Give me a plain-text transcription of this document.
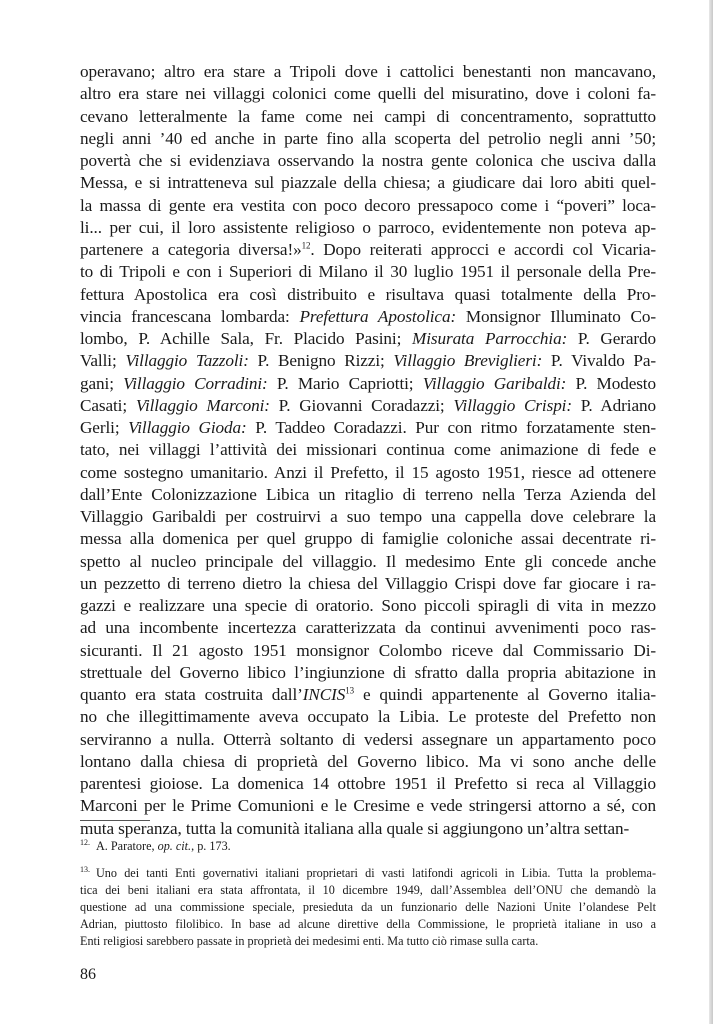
operavano; altro era stare a Tripoli dove i cattolici benestanti non mancavano,
altro era stare nei villaggi colonici come quelli del misuratino, dove i coloni fa-
cevano letteralmente la fame come nei campi di concentramento, soprattutto
negli anni ’40 ed anche in parte fino alla scoperta del petrolio negli anni ’50;
povertà che si evidenziava osservando la nostra gente colonica che usciva dalla
Messa, e si intratteneva sul piazzale della chiesa; a giudicare dai loro abiti quel-
la massa di gente era vestita con poco decoro pressapoco come i “poveri” loca-
li... per cui, il loro assistente religioso o parroco, evidentemente non poteva ap-
partenere a categoria diversa!»$^{12}$. Dopo reiterati approcci e accordi col Vicaria-
to di Tripoli e con i Superiori di Milano il 30 luglio 1951 il personale della Pre-
fettura Apostolica era così distribuito e risultava quasi totalmente della Pro-
vincia francescana lombarda: Prefettura Apostolica: Monsignor Illuminato Co-
lombo, P. Achille Sala, Fr. Placido Pasini; Misurata Parrocchia: P. Gerardo
Valli; Villaggio Tazzoli: P. Benigno Rizzi; Villaggio Breviglieri: P. Vivaldo Pa-
gani; Villaggio Corradini: P. Mario Capriotti; Villaggio Garibaldi: P. Modesto
Casati; Villaggio Marconi: P. Giovanni Coradazzi; Villaggio Crispi: P. Adriano
Gerli; Villaggio Gioda: P. Taddeo Coradazzi. Pur con ritmo forzatamente sten-
tato, nei villaggi l’attività dei missionari continua come animazione di fede e
come sostegno umanitario. Anzi il Prefetto, il 15 agosto 1951, riesce ad ottenere
dall’Ente Colonizzazione Libica un ritaglio di terreno nella Terza Azienda del
Villaggio Garibaldi per costruirvi a suo tempo una cappella dove celebrare la
messa alla domenica per quel gruppo di famiglie coloniche assai decentrate ri-
spetto al nucleo principale del villaggio. Il medesimo Ente gli concede anche
un pezzetto di terreno dietro la chiesa del Villaggio Crispi dove far giocare i ra-
gazzi e realizzare una specie di oratorio. Sono piccoli spiragli di vita in mezzo
ad una incombente incertezza caratterizzata da continui avvenimenti poco ras-
sicuranti. Il 21 agosto 1951 monsignor Colombo riceve dal Commissario Di-
strettuale del Governo libico l’ingiunzione di sfratto dalla propria abitazione in
quanto era stata costruita dall’INCIS$^{13}$ e quindi appartenente al Governo italia-
no che illegittimamente aveva occupato la Libia. Le proteste del Prefetto non
serviranno a nulla. Otterrà soltanto di vedersi assegnare un appartamento poco
lontano dalla chiesa di proprietà del Governo libico. Ma vi sono anche delle
parentesi gioiose. La domenica 14 ottobre 1951 il Prefetto si reca al Villaggio
Marconi per le Prime Comunioni e le Cresime e vede stringersi attorno a sé, con
muta speranza, tutta la comunità italiana alla quale si aggiungono un’altra settan-
$^{12.}$ A. Paratore, op. cit., p. 173.
$^{13.}$ Uno dei tanti Enti governativi italiani proprietari di vasti latifondi agricoli in Libia. Tutta la problema-
tica dei beni italiani era stata affrontata, il 10 dicembre 1949, dall’Assemblea dell’ONU che demandò la
questione ad una commissione speciale, presieduta da un funzionario delle Nazioni Unite l’olandese Pelt
Adrian, piuttosto filolibico. In base ad alcune direttive della Commissione, le proprietà italiane in uso a
Enti religiosi sarebbero passate in proprietà dei medesimi enti. Ma tutto ciò rimase sulla carta.
86
